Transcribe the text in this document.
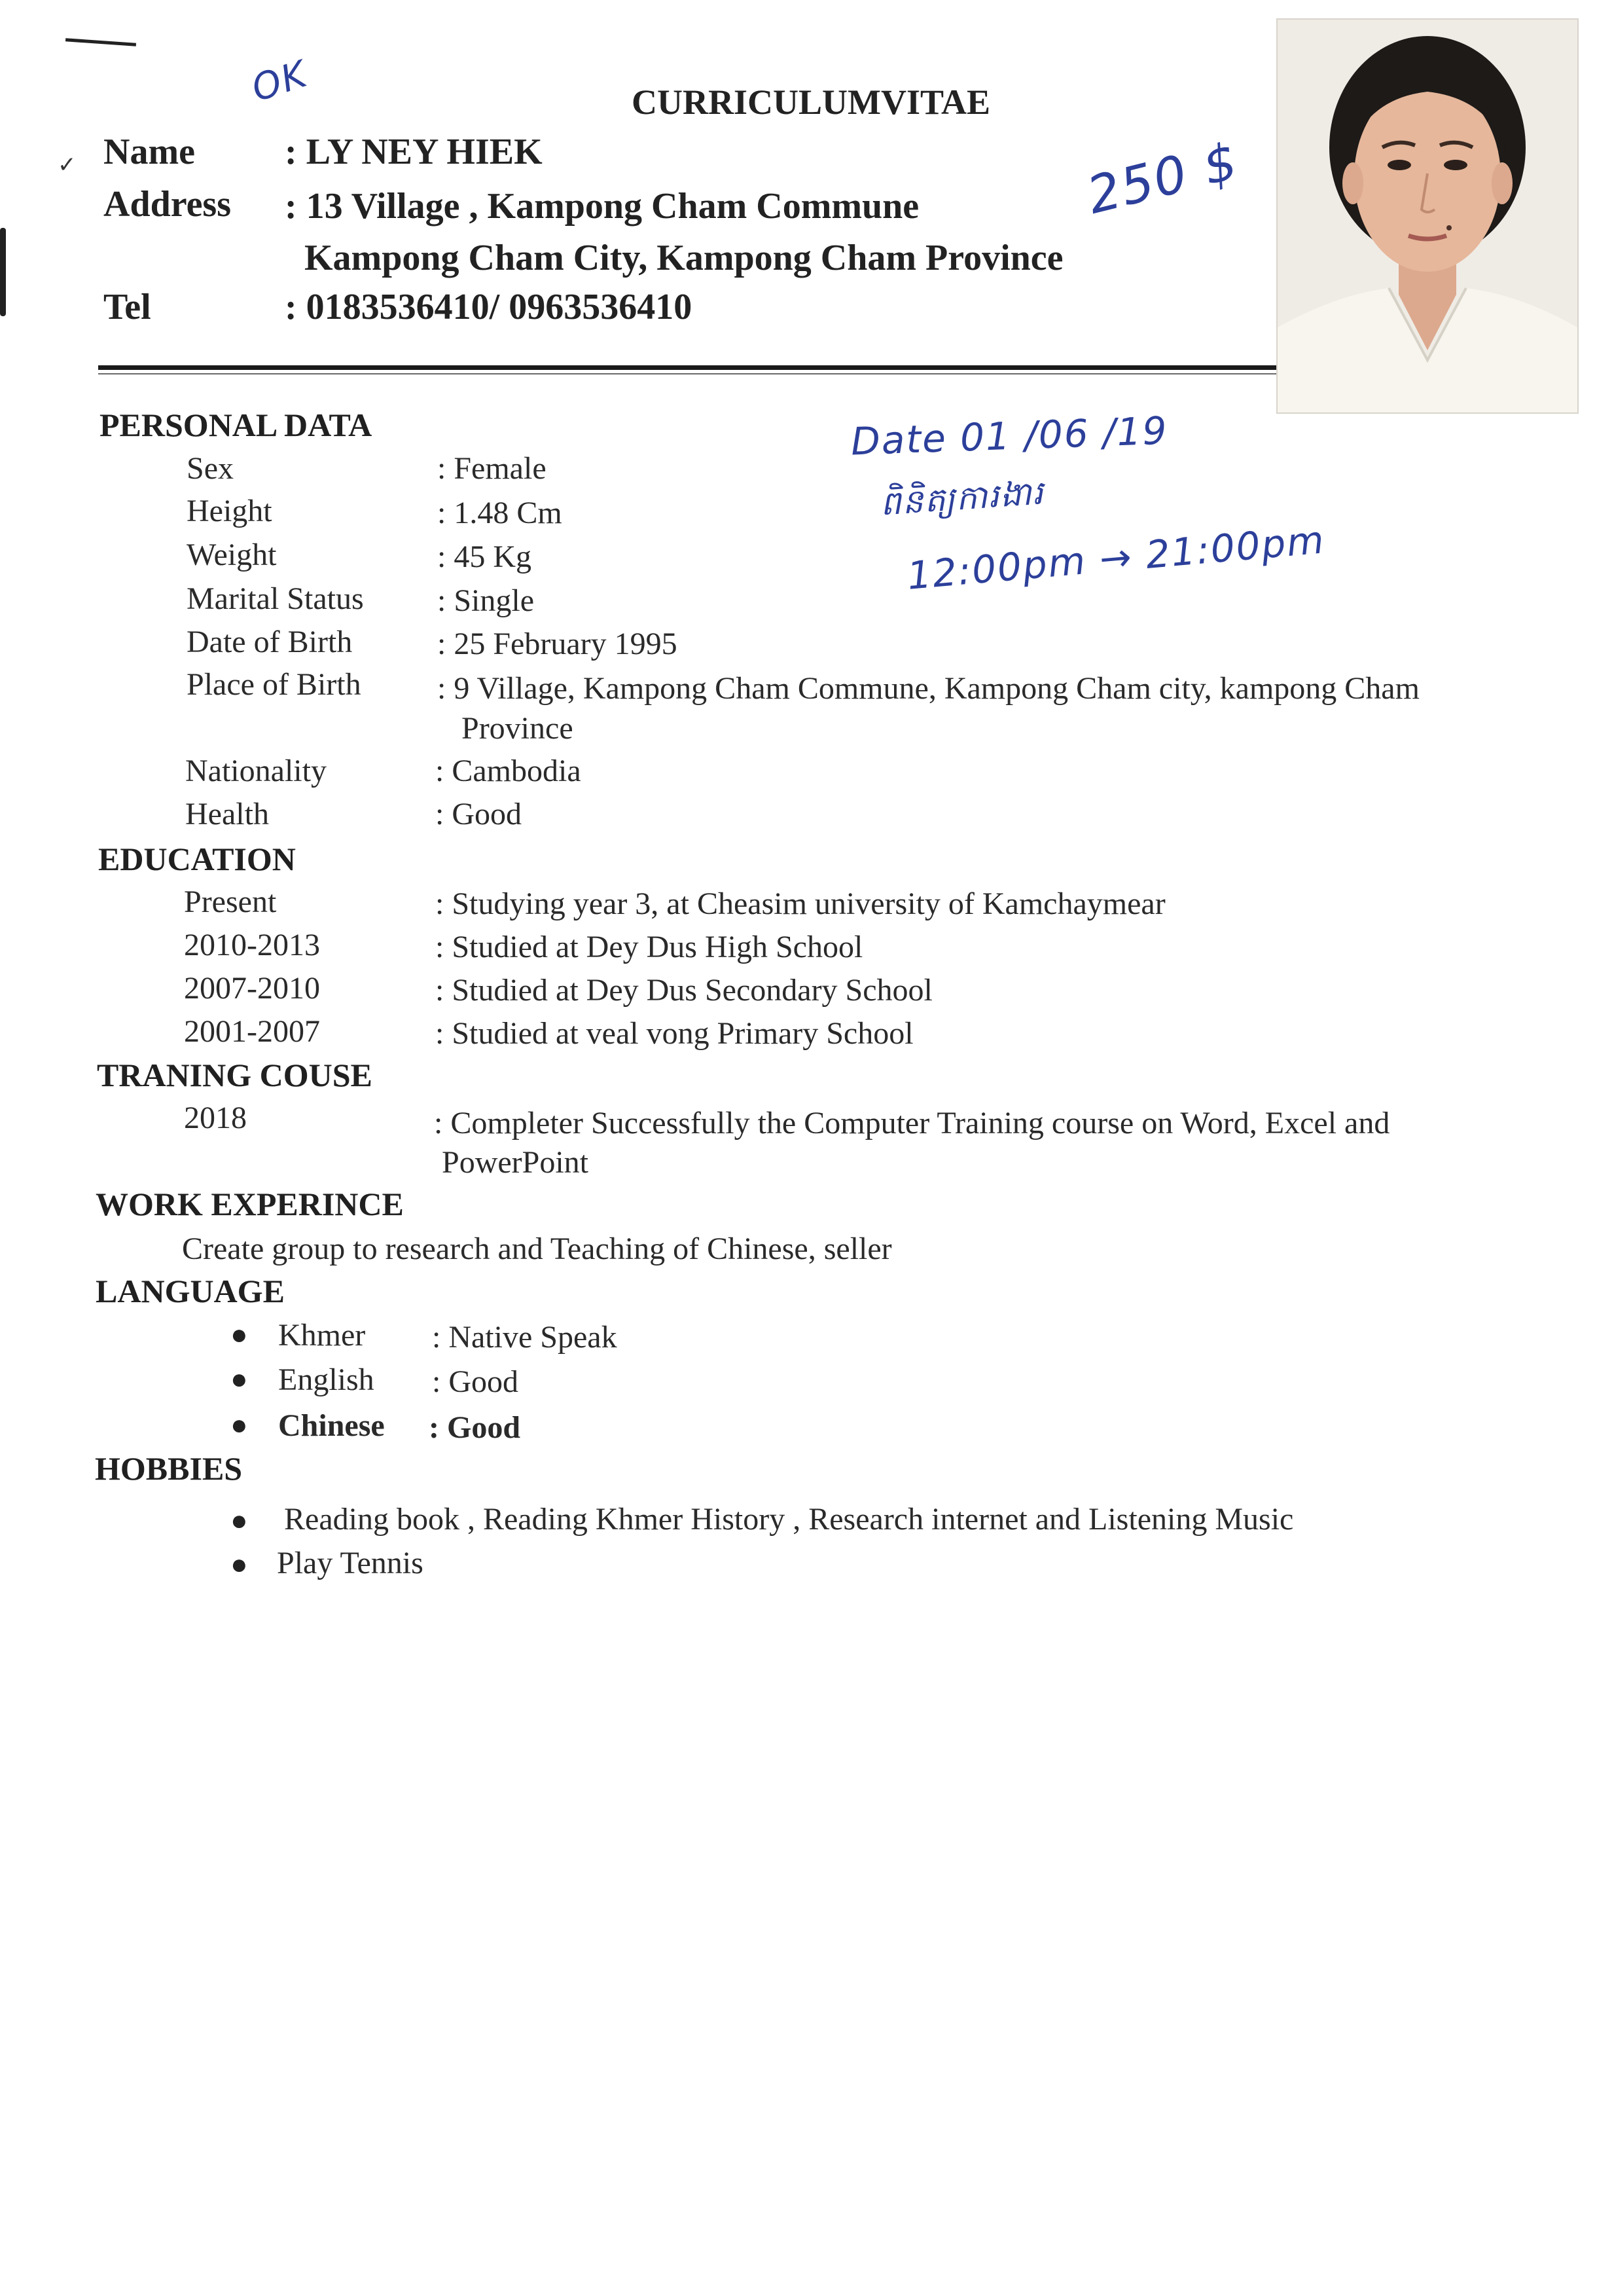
✓
CURRICULUMVITAE
Name : LY NEY HIEK
Address : 13 Village , Kampong Cham Commune
Kampong Cham City, Kampong Cham Province
Tel	: 0183536410/ 0963536410
OK
250 $
Date 01 /06 /19
ពិនិត្យការងារ
12:00pm → 21:00pm
PERSONAL DATA
Sex	: Female
Height	: 1.48 Cm
Weight	: 45 Kg
Marital Status : Single
Date of Birth	: 25 February 1995
Place of Birth : 9 Village, Kampong Cham Commune, Kampong Cham city, kampong Cham
Province
Nationality	: Cambodia
Health	: Good
EDUCATION
Present	: Studying year 3, at Cheasim university of Kamchaymear
2010-2013	: Studied at Dey Dus High School
2007-2010	: Studied at Dey Dus Secondary School
2001-2007	: Studied at veal vong Primary School
TRANING COUSE
2018	: Completer Successfully the Computer Training course on Word, Excel and
PowerPoint
WORK EXPERINCE
Create group to research and Teaching of Chinese, seller
LANGUAGE
● Khmer : Native Speak
● English : Good
● Chinese : Good
HOBBIES
● Reading book , Reading Khmer History , Research internet and Listening Music
● Play Tennis
